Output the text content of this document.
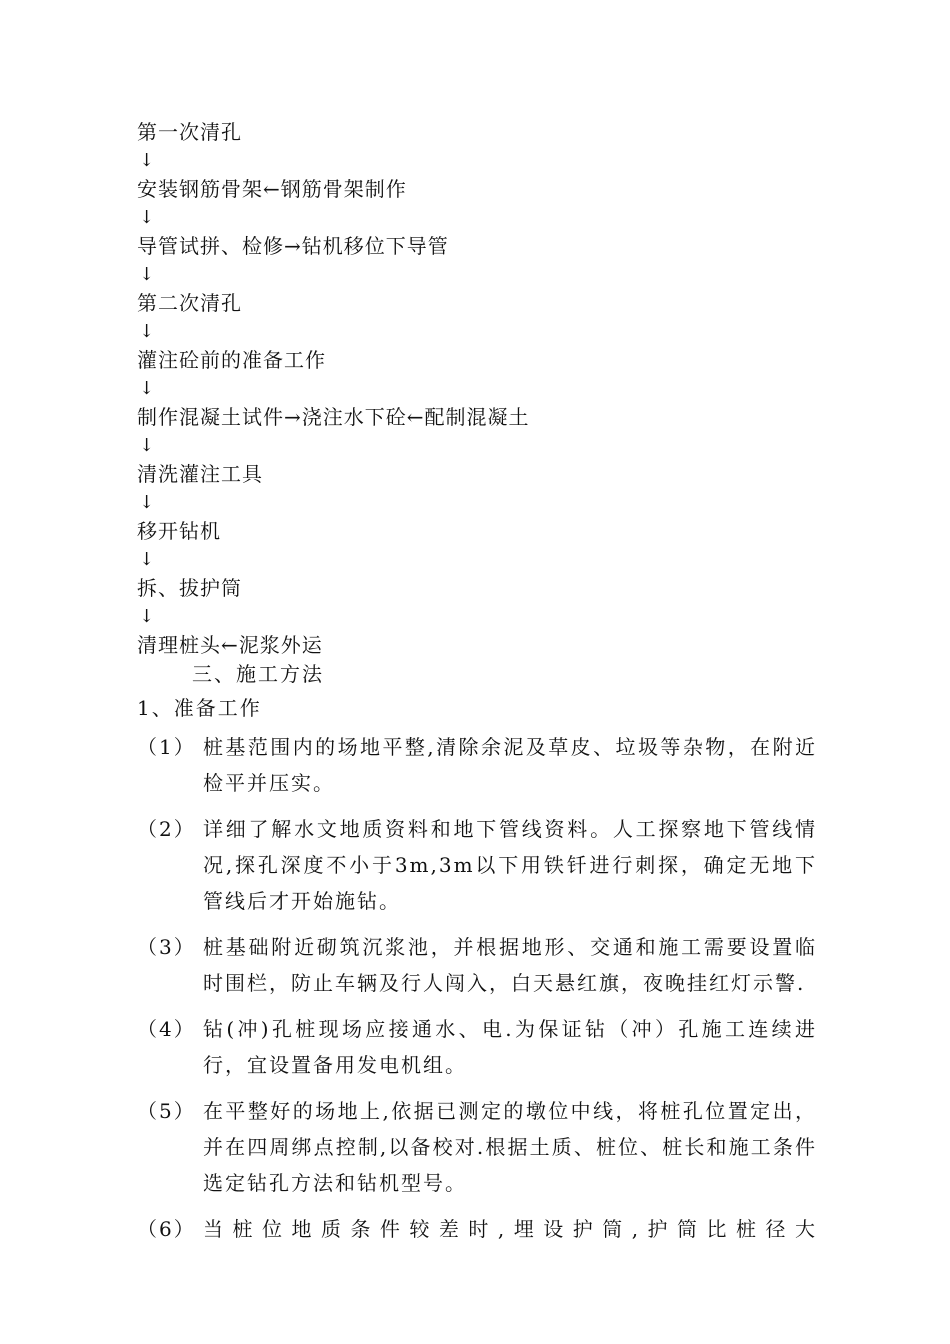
第一次清孔
↓
安装钢筋骨架←钢筋骨架制作
↓
导管试拼、检修→钻机移位下导管
↓
第二次清孔
↓
灌注砼前的准备工作
↓
制作混凝土试件→浇注水下砼←配制混凝土
↓
清洗灌注工具
↓
移开钻机
↓
拆、拔护筒
↓
清理桩头←泥浆外运
三、施工方法
1、准备工作
（1） 桩基范围内的场地平整,清除余泥及草皮、垃圾等杂物，在附近检平并压实。
（2） 详细了解水文地质资料和地下管线资料。人工探察地下管线情况,探孔深度不小于3m,3m以下用铁钎进行刺探，确定无地下管线后才开始施钻。
（3） 桩基础附近砌筑沉浆池，并根据地形、交通和施工需要设置临时围栏，防止车辆及行人闯入，白天悬红旗，夜晚挂红灯示警.
（4） 钻(冲)孔桩现场应接通水、电.为保证钻（冲）孔施工连续进行，宜设置备用发电机组。
（5） 在平整好的场地上,依据已测定的墩位中线，将桩孔位置定出，并在四周绑点控制,以备校对.根据土质、桩位、桩长和施工条件选定钻孔方法和钻机型号。
（6） 当桩位地质条件较差时,埋设护筒,护筒比桩径大
